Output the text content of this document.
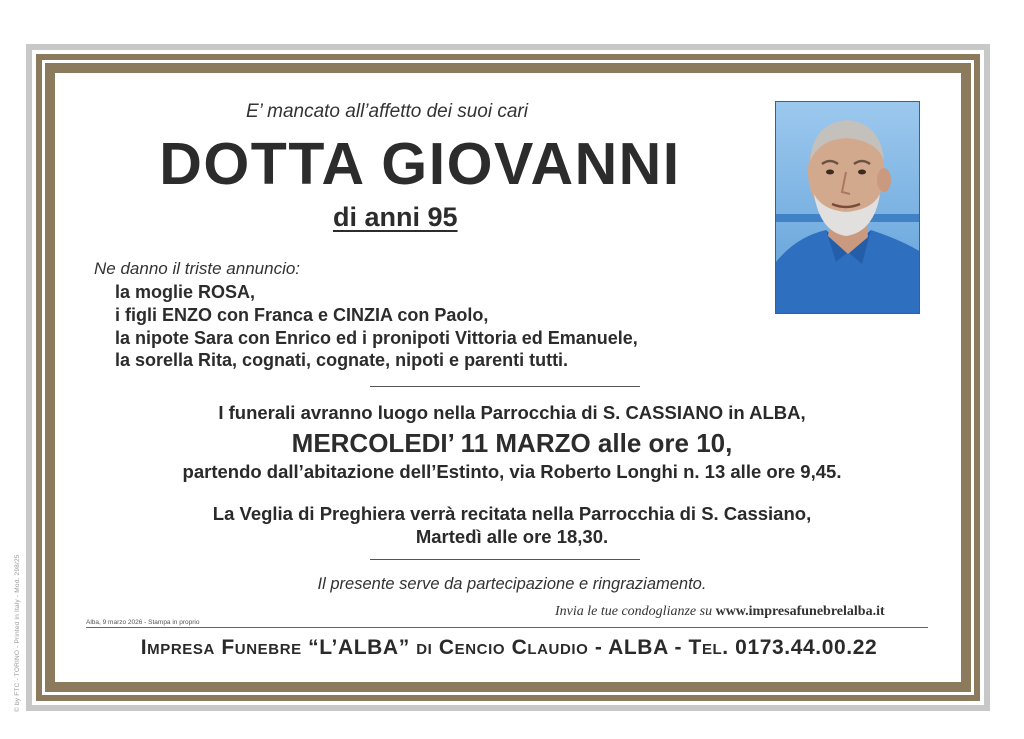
© by FTC - TORINO - Printed in Italy - Mod. 298/25
E’ mancato all’affetto dei suoi cari
DOTTA GIOVANNI
di anni 95
Ne danno il triste annuncio:
la moglie ROSA,
i figli ENZO con Franca e CINZIA con Paolo,
la nipote Sara con Enrico ed i pronipoti Vittoria ed Emanuele,
la sorella Rita, cognati, cognate, nipoti e parenti tutti.
I funerali avranno luogo nella Parrocchia di S. CASSIANO in ALBA,
MERCOLEDI’ 11 MARZO alle ore 10,
partendo dall’abitazione dell’Estinto, via Roberto Longhi n. 13 alle ore 9,45.
La Veglia di Preghiera verrà recitata nella Parrocchia di S. Cassiano,
Martedì alle ore 18,30.
Il presente serve da partecipazione e ringraziamento.
Alba, 9 marzo 2026 - Stampa in proprio
Invia le tue condoglianze su www.impresafunebrelalba.it
Impresa Funebre “L’ALBA” di Cencio Claudio - ALBA - Tel. 0173.44.00.22
